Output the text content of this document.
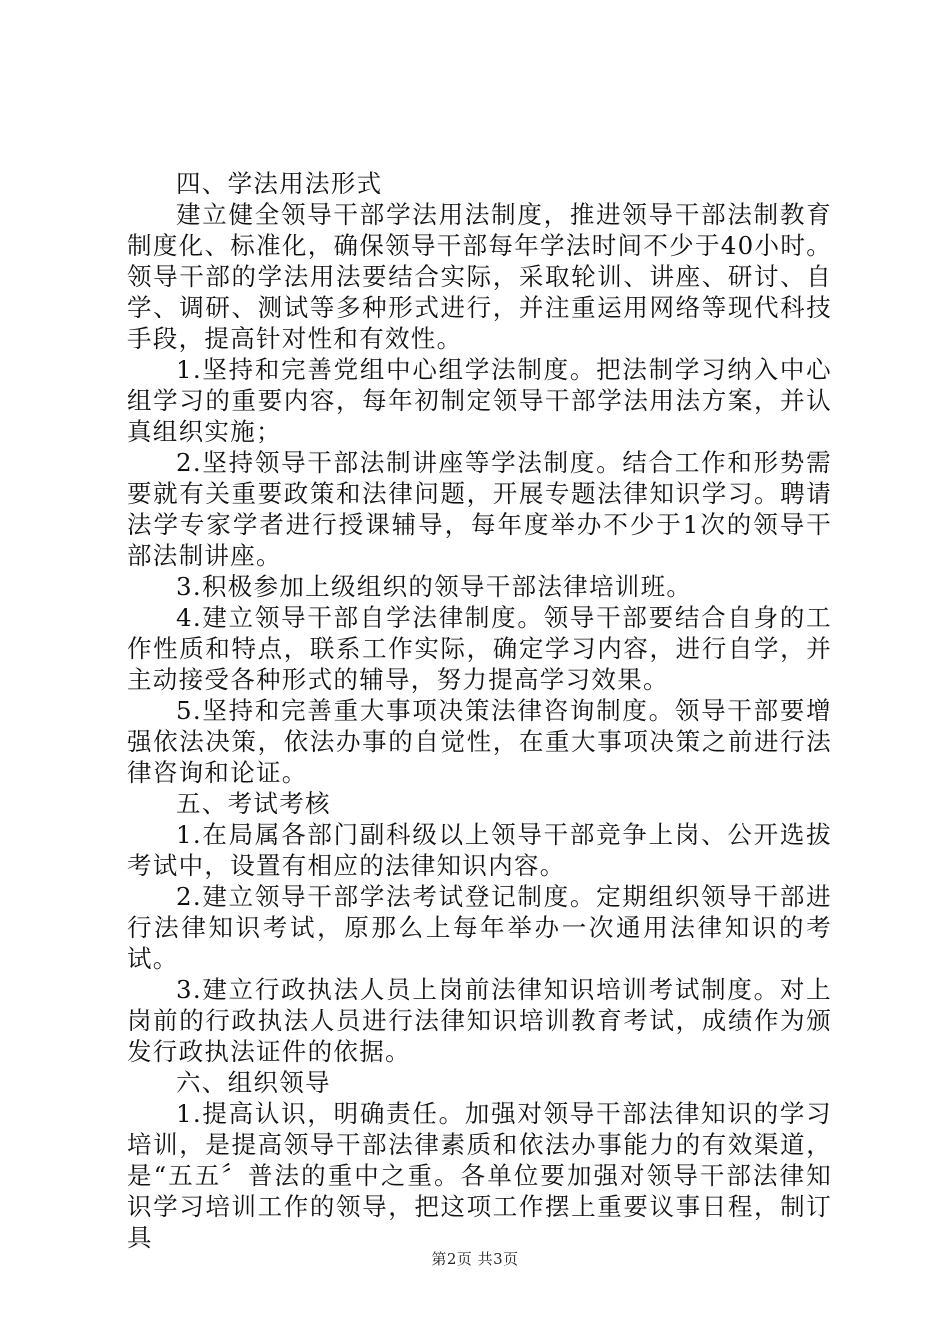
四、学法用法形式

建立健全领导干部学法用法制度，推进领导干部法制教育制度化、标准化，确保领导干部每年学法时间不少于40小时。领导干部的学法用法要结合实际，采取轮训、讲座、研讨、自学、调研、测试等多种形式进行，并注重运用网络等现代科技手段，提高针对性和有效性。

1.坚持和完善党组中心组学法制度。把法制学习纳入中心组学习的重要内容，每年初制定领导干部学法用法方案，并认真组织实施；

2.坚持领导干部法制讲座等学法制度。结合工作和形势需要就有关重要政策和法律问题，开展专题法律知识学习。聘请法学专家学者进行授课辅导，每年度举办不少于1次的领导干部法制讲座。

3.积极参加上级组织的领导干部法律培训班。

4.建立领导干部自学法律制度。领导干部要结合自身的工作性质和特点，联系工作实际，确定学习内容，进行自学，并主动接受各种形式的辅导，努力提高学习效果。

5.坚持和完善重大事项决策法律咨询制度。领导干部要增强依法决策，依法办事的自觉性，在重大事项决策之前进行法律咨询和论证。

五、考试考核

1.在局属各部门副科级以上领导干部竞争上岗、公开选拔考试中，设置有相应的法律知识内容。

2.建立领导干部学法考试登记制度。定期组织领导干部进行法律知识考试，原那么上每年举办一次通用法律知识的考试。

3.建立行政执法人员上岗前法律知识培训考试制度。对上岗前的行政执法人员进行法律知识培训教育考试，成绩作为颁发行政执法证件的依据。

六、组织领导

1.提高认识，明确责任。加强对领导干部法律知识的学习培训，是提高领导干部法律素质和依法办事能力的有效渠道，是“五五〞普法的重中之重。各单位要加强对领导干部法律知识学习培训工作的领导，把这项工作摆上重要议事日程，制订具

第2页 共3页
